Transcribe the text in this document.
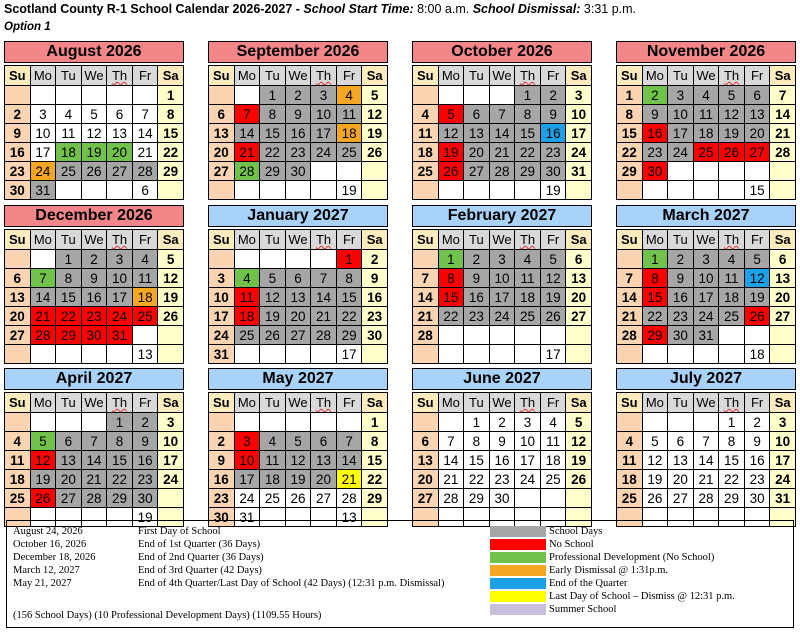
Scotland County R-1 School Calendar 2026-2027 - School Start Time: 8:00 a.m. School Dismissal: 3:31 p.m.
Option 1
August 2026
Su	Mo	Tu	We	Th	Fr	Sa
						1
2	3	4	5	6	7	8
9	10	11	12	13	14	15
16	17	18	19	20	21	22
23	24	25	26	27	28	29
30	31				6	
September 2026
Su	Mo	Tu	We	Th	Fr	Sa
		1	2	3	4	5
6	7	8	9	10	11	12
13	14	15	16	17	18	19
20	21	22	23	24	25	26
27	28	29	30			
					19	
October 2026
Su	Mo	Tu	We	Th	Fr	Sa
				1	2	3
4	5	6	7	8	9	10
11	12	13	14	15	16	17
18	19	20	21	22	23	24
25	26	27	28	29	30	31
					19	
November 2026
Su	Mo	Tu	We	Th	Fr	Sa
1	2	3	4	5	6	7
8	9	10	11	12	13	14
15	16	17	18	19	20	21
22	23	24	25	26	27	28
29	30					
					15	
December 2026
Su	Mo	Tu	We	Th	Fr	Sa
		1	2	3	4	5
6	7	8	9	10	11	12
13	14	15	16	17	18	19
20	21	22	23	24	25	26
27	28	29	30	31		
					13	
January 2027
Su	Mo	Tu	We	Th	Fr	Sa
					1	2
3	4	5	6	7	8	9
10	11	12	13	14	15	16
17	18	19	20	21	22	23
24	25	26	27	28	29	30
31					17	
February 2027
Su	Mo	Tu	We	Th	Fr	Sa
	1	2	3	4	5	6
7	8	9	10	11	12	13
14	15	16	17	18	19	20
21	22	23	24	25	26	27
28						
					17	
March 2027
Su	Mo	Tu	We	Th	Fr	Sa
	1	2	3	4	5	6
7	8	9	10	11	12	13
14	15	16	17	18	19	20
21	22	23	24	25	26	27
28	29	30	31			
					18	
April 2027
Su	Mo	Tu	We	Th	Fr	Sa
				1	2	3
4	5	6	7	8	9	10
11	12	13	14	15	16	17
18	19	20	21	22	23	24
25	26	27	28	29	30	
					19	
May 2027
Su	Mo	Tu	We	Th	Fr	Sa
						1
2	3	4	5	6	7	8
9	10	11	12	13	14	15
16	17	18	19	20	21	22
23	24	25	26	27	28	29
30	31				13	
June 2027
Su	Mo	Tu	We	Th	Fr	Sa
		1	2	3	4	5
6	7	8	9	10	11	12
13	14	15	16	17	18	19
20	21	22	23	24	25	26
27	28	29	30			

July 2027
Su	Mo	Tu	We	Th	Fr	Sa
				1	2	3
4	5	6	7	8	9	10
11	12	13	14	15	16	17
18	19	20	21	22	23	24
25	26	27	28	29	30	31

August 24, 2026	First Day of School
October 16, 2026	End of 1st Quarter (36 Days)
December 18, 2026	End of 2nd Quarter (36 Days)
March 12, 2027	End of 3rd Quarter (42 Days)
May 21, 2027	End of 4th Quarter/Last Day of School (42 Days) (12:31 p.m. Dismissal)
(156 School Days) (10 Professional Development Days) (1109.55 Hours)
School Days
No School
Professional Development (No School)
Early Dismissal @ 1:31p.m.
End of the Quarter
Last Day of School – Dismiss @ 12:31 p.m.
Summer School
